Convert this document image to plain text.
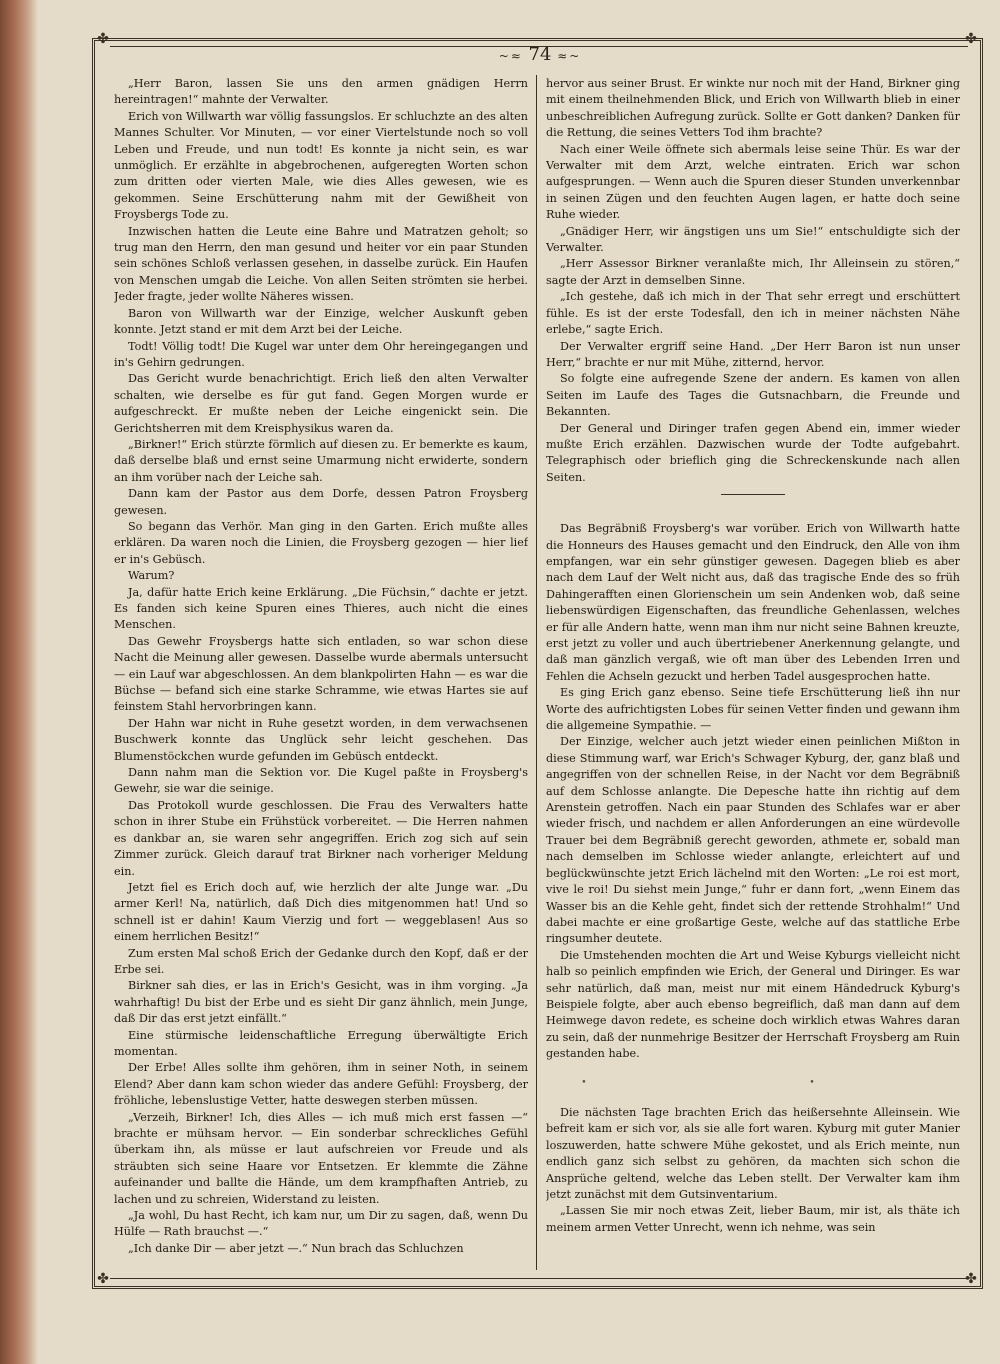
✤	✤
✤	✤
~≈ 74 ≈~

„Herr Baron, lassen Sie uns den armen gnädigen Herrn hereintragen!“ mahnte der Verwalter.

Erich von Willwarth war völlig fassungslos. Er schluchzte an des alten Mannes Schulter. Vor Minuten, — vor einer Viertelstunde noch so voll Leben und Freude, und nun todt! Es konnte ja nicht sein, es war unmöglich. Er erzählte in abgebrochenen, aufgeregten Worten schon zum dritten oder vierten Male, wie dies Alles gewesen, wie es gekommen. Seine Erschütterung nahm mit der Gewißheit von Froysbergs Tode zu.

Inzwischen hatten die Leute eine Bahre und Matratzen geholt; so trug man den Herrn, den man gesund und heiter vor ein paar Stunden sein schönes Schloß verlassen gesehen, in dasselbe zurück. Ein Haufen von Menschen umgab die Leiche. Von allen Seiten strömten sie herbei. Jeder fragte, jeder wollte Näheres wissen.

Baron von Willwarth war der Einzige, welcher Auskunft geben konnte. Jetzt stand er mit dem Arzt bei der Leiche.

Todt! Völlig todt! Die Kugel war unter dem Ohr hereingegangen und in's Gehirn gedrungen.

Das Gericht wurde benachrichtigt. Erich ließ den alten Verwalter schalten, wie derselbe es für gut fand. Gegen Morgen wurde er aufgeschreckt. Er mußte neben der Leiche eingenickt sein. Die Gerichtsherren mit dem Kreisphysikus waren da.

„Birkner!“ Erich stürzte förmlich auf diesen zu. Er bemerkte es kaum, daß derselbe blaß und ernst seine Umarmung nicht erwiderte, sondern an ihm vorüber nach der Leiche sah.

Dann kam der Pastor aus dem Dorfe, dessen Patron Froysberg gewesen.

So begann das Verhör. Man ging in den Garten. Erich mußte alles erklären. Da waren noch die Linien, die Froysberg gezogen — hier lief er in's Gebüsch.

Warum?

Ja, dafür hatte Erich keine Erklärung. „Die Füchsin,“ dachte er jetzt. Es fanden sich keine Spuren eines Thieres, auch nicht die eines Menschen.

Das Gewehr Froysbergs hatte sich entladen, so war schon diese Nacht die Meinung aller gewesen. Dasselbe wurde abermals untersucht — ein Lauf war abgeschlossen. An dem blankpolirten Hahn — es war die Büchse — befand sich eine starke Schramme, wie etwas Hartes sie auf feinstem Stahl hervorbringen kann.

Der Hahn war nicht in Ruhe gesetzt worden, in dem verwachsenen Buschwerk konnte das Unglück sehr leicht geschehen. Das Blumenstöckchen wurde gefunden im Gebüsch entdeckt.

Dann nahm man die Sektion vor. Die Kugel paßte in Froysberg's Gewehr, sie war die seinige.

Das Protokoll wurde geschlossen. Die Frau des Verwalters hatte schon in ihrer Stube ein Frühstück vorbereitet. — Die Herren nahmen es dankbar an, sie waren sehr angegriffen. Erich zog sich auf sein Zimmer zurück. Gleich darauf trat Birkner nach vorheriger Meldung ein.

Jetzt fiel es Erich doch auf, wie herzlich der alte Junge war. „Du armer Kerl! Na, natürlich, daß Dich dies mitgenommen hat! Und so schnell ist er dahin! Kaum Vierzig und fort — weggeblasen! Aus so einem herrlichen Besitz!“

Zum ersten Mal schoß Erich der Gedanke durch den Kopf, daß er der Erbe sei.

Birkner sah dies, er las in Erich's Gesicht, was in ihm vorging. „Ja wahrhaftig! Du bist der Erbe und es sieht Dir ganz ähnlich, mein Junge, daß Dir das erst jetzt einfällt.“

Eine stürmische leidenschaftliche Erregung überwältigte Erich momentan.

Der Erbe! Alles sollte ihm gehören, ihm in seiner Noth, in seinem Elend? Aber dann kam schon wieder das andere Gefühl: Froysberg, der fröhliche, lebenslustige Vetter, hatte deswegen sterben müssen.

„Verzeih, Birkner! Ich, dies Alles — ich muß mich erst fassen —“ brachte er mühsam hervor. — Ein sonderbar schreckliches Gefühl überkam ihn, als müsse er laut aufschreien vor Freude und als sträubten sich seine Haare vor Entsetzen. Er klemmte die Zähne aufeinander und ballte die Hände, um dem krampfhaften Antrieb, zu lachen und zu schreien, Widerstand zu leisten.

„Ja wohl, Du hast Recht, ich kam nur, um Dir zu sagen, daß, wenn Du Hülfe — Rath brauchst —.“

„Ich danke Dir — aber jetzt —.“ Nun brach das Schluchzen

hervor aus seiner Brust. Er winkte nur noch mit der Hand, Birkner ging mit einem theilnehmenden Blick, und Erich von Willwarth blieb in einer unbeschreiblichen Aufregung zurück. Sollte er Gott danken? Danken für die Rettung, die seines Vetters Tod ihm brachte?

Nach einer Weile öffnete sich abermals leise seine Thür. Es war der Verwalter mit dem Arzt, welche eintraten. Erich war schon aufgesprungen. — Wenn auch die Spuren dieser Stunden unverkennbar in seinen Zügen und den feuchten Augen lagen, er hatte doch seine Ruhe wieder.

„Gnädiger Herr, wir ängstigen uns um Sie!“ entschuldigte sich der Verwalter.

„Herr Assessor Birkner veranlaßte mich, Ihr Alleinsein zu stören,“ sagte der Arzt in demselben Sinne.

„Ich gestehe, daß ich mich in der That sehr erregt und erschüttert fühle. Es ist der erste Todesfall, den ich in meiner nächsten Nähe erlebe,“ sagte Erich.

Der Verwalter ergriff seine Hand. „Der Herr Baron ist nun unser Herr,“ brachte er nur mit Mühe, zitternd, hervor.

So folgte eine aufregende Szene der andern. Es kamen von allen Seiten im Laufe des Tages die Gutsnachbarn, die Freunde und Bekannten.

Der General und Diringer trafen gegen Abend ein, immer wieder mußte Erich erzählen. Dazwischen wurde der Todte aufgebahrt. Telegraphisch oder brieflich ging die Schreckenskunde nach allen Seiten.

Das Begräbniß Froysberg's war vorüber. Erich von Willwarth hatte die Honneurs des Hauses gemacht und den Eindruck, den Alle von ihm empfangen, war ein sehr günstiger gewesen. Dagegen blieb es aber nach dem Lauf der Welt nicht aus, daß das tragische Ende des so früh Dahingerafften einen Glorienschein um sein Andenken wob, daß seine liebenswürdigen Eigenschaften, das freundliche Gehenlassen, welches er für alle Andern hatte, wenn man ihm nur nicht seine Bahnen kreuzte, erst jetzt zu voller und auch übertriebener Anerkennung gelangte, und daß man gänzlich vergaß, wie oft man über des Lebenden Irren und Fehlen die Achseln gezuckt und herben Tadel ausgesprochen hatte.

Es ging Erich ganz ebenso. Seine tiefe Erschütterung ließ ihn nur Worte des aufrichtigsten Lobes für seinen Vetter finden und gewann ihm die allgemeine Sympathie. —

Der Einzige, welcher auch jetzt wieder einen peinlichen Mißton in diese Stimmung warf, war Erich's Schwager Kyburg, der, ganz blaß und angegriffen von der schnellen Reise, in der Nacht vor dem Begräbniß auf dem Schlosse anlangte. Die Depesche hatte ihn richtig auf dem Arenstein getroffen. Nach ein paar Stunden des Schlafes war er aber wieder frisch, und nachdem er allen Anforderungen an eine würdevolle Trauer bei dem Begräbniß gerecht geworden, athmete er, sobald man nach demselben im Schlosse wieder anlangte, erleichtert auf und beglückwünschte jetzt Erich lächelnd mit den Worten: „Le roi est mort, vive le roi! Du siehst mein Junge,“ fuhr er dann fort, „wenn Einem das Wasser bis an die Kehle geht, findet sich der rettende Strohhalm!“ Und dabei machte er eine großartige Geste, welche auf das stattliche Erbe ringsumher deutete.

Die Umstehenden mochten die Art und Weise Kyburgs vielleicht nicht halb so peinlich empfinden wie Erich, der General und Diringer. Es war sehr natürlich, daß man, meist nur mit einem Händedruck Kyburg's Beispiele folgte, aber auch ebenso begreiflich, daß man dann auf dem Heimwege davon redete, es scheine doch wirklich etwas Wahres daran zu sein, daß der nunmehrige Besitzer der Herrschaft Froysberg am Ruin gestanden habe.

• •

Die nächsten Tage brachten Erich das heißersehnte Alleinsein. Wie befreit kam er sich vor, als sie alle fort waren. Kyburg mit guter Manier loszuwerden, hatte schwere Mühe gekostet, und als Erich meinte, nun endlich ganz sich selbst zu gehören, da machten sich schon die Ansprüche geltend, welche das Leben stellt. Der Verwalter kam ihm jetzt zunächst mit dem Gutsinventarium.

„Lassen Sie mir noch etwas Zeit, lieber Baum, mir ist, als thäte ich meinem armen Vetter Unrecht, wenn ich nehme, was sein
